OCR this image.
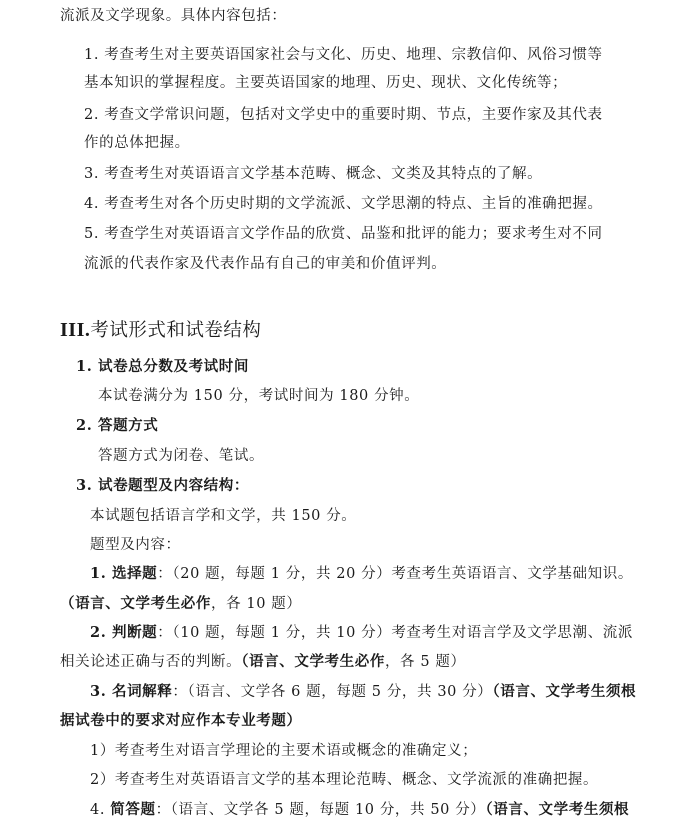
流派及文学现象。具体内容包括：
1. 考查考生对主要英语国家社会与文化、历史、地理、宗教信仰、风俗习惯等
基本知识的掌握程度。主要英语国家的地理、历史、现状、文化传统等；
2. 考查文学常识问题，包括对文学史中的重要时期、节点，主要作家及其代表
作的总体把握。
3. 考查考生对英语语言文学基本范畴、概念、文类及其特点的了解。
4. 考查考生对各个历史时期的文学流派、文学思潮的特点、主旨的准确把握。
5. 考查学生对英语语言文学作品的欣赏、品鉴和批评的能力；要求考生对不同
流派的代表作家及代表作品有自己的审美和价值评判。
III.考试形式和试卷结构
1. 试卷总分数及考试时间
本试卷满分为 150 分，考试时间为 180 分钟。
2. 答题方式
答题方式为闭卷、笔试。
3. 试卷题型及内容结构：
本试题包括语言学和文学，共 150 分。
题型及内容：
1. 选择题：（20 题，每题 1 分，共 20 分）考查考生英语语言、文学基础知识。
（语言、文学考生必作，各 10 题）
2. 判断题：（10 题，每题 1 分，共 10 分）考查考生对语言学及文学思潮、流派
相关论述正确与否的判断。（语言、文学考生必作，各 5 题）
3. 名词解释：（语言、文学各 6 题，每题 5 分，共 30 分）（语言、文学考生须根
据试卷中的要求对应作本专业考题）
1）考查考生对语言学理论的主要术语或概念的准确定义；
2）考查考生对英语语言文学的基本理论范畴、概念、文学流派的准确把握。
4. 简答题：（语言、文学各 5 题，每题 10 分，共 50 分）（语言、文学考生须根
